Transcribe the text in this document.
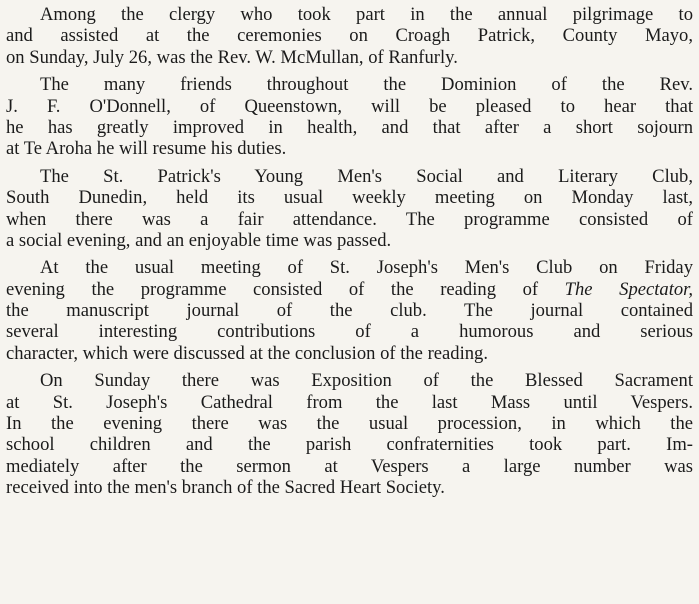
Among the clergy who took part in the annual pilgrimage to
and assisted at the ceremonies on Croagh Patrick, County Mayo,
on Sunday, July 26, was the Rev. W. McMullan, of Ranfurly.

The many friends throughout the Dominion of the Rev.
J. F. O'Donnell, of Queenstown, will be pleased to hear that
he has greatly improved in health, and that after a short sojourn
at Te Aroha he will resume his duties.

The St. Patrick's Young Men's Social and Literary Club,
South Dunedin, held its usual weekly meeting on Monday last,
when there was a fair attendance. The programme consisted of
a social evening, and an enjoyable time was passed.

At the usual meeting of St. Joseph's Men's Club on Friday
evening the programme consisted of the reading of The Spectator,
the manuscript journal of the club. The journal contained
several interesting contributions of a humorous and serious
character, which were discussed at the conclusion of the reading.

On Sunday there was Exposition of the Blessed Sacrament
at St. Joseph's Cathedral from the last Mass until Vespers.
In the evening there was the usual procession, in which the
school children and the parish confraternities took part. Im-
mediately after the sermon at Vespers a large number was
received into the men's branch of the Sacred Heart Society.
